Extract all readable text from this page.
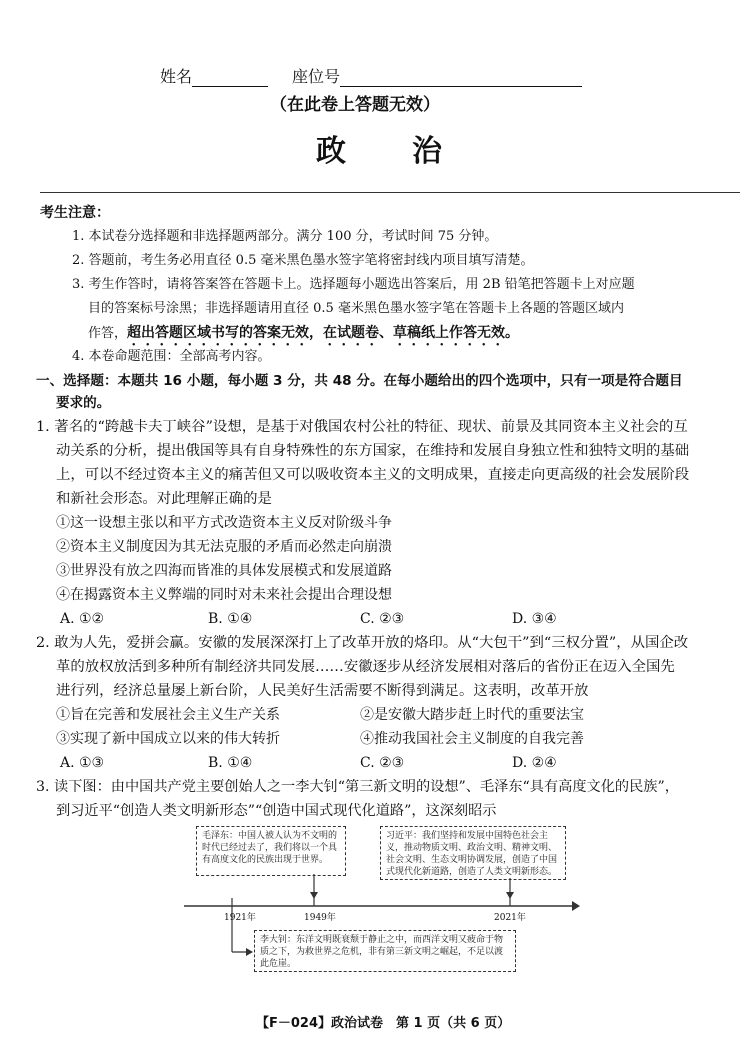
姓名	座位号
（在此卷上答题无效）
政　　治
考生注意：
1. 本试卷分选择题和非选择题两部分。满分 100 分，考试时间 75 分钟。
2. 答题前，考生务必用直径 0.5 毫米黑色墨水签字笔将密封线内项目填写清楚。
3. 考生作答时，请将答案答在答题卡上。选择题每小题选出答案后，用 2B 铅笔把答题卡上对应题
目的答案标号涂黑；非选择题请用直径 0.5 毫米黑色墨水签字笔在答题卡上各题的答题区域内
作答，超出答题区域书写的答案无效，在试题卷、草稿纸上作答无效。
4. 本卷命题范围：全部高考内容。
一、选择题：本题共 16 小题，每小题 3 分，共 48 分。在每小题给出的四个选项中，只有一项是符合题目
要求的。
1. 著名的“跨越卡夫丁峡谷”设想，是基于对俄国农村公社的特征、现状、前景及其同资本主义社会的互
动关系的分析，提出俄国等具有自身特殊性的东方国家，在维持和发展自身独立性和独特文明的基础
上，可以不经过资本主义的痛苦但又可以吸收资本主义的文明成果，直接走向更高级的社会发展阶段
和新社会形态。对此理解正确的是
①这一设想主张以和平方式改造资本主义反对阶级斗争
②资本主义制度因为其无法克服的矛盾而必然走向崩溃
③世界没有放之四海而皆准的具体发展模式和发展道路
④在揭露资本主义弊端的同时对未来社会提出合理设想
A. ①②	B. ①④	C. ②③	D. ③④
2. 敢为人先，爱拼会赢。安徽的发展深深打上了改革开放的烙印。从“大包干”到“三权分置”，从国企改
革的放权放活到多种所有制经济共同发展……安徽逐步从经济发展相对落后的省份正在迈入全国先
进行列，经济总量屡上新台阶，人民美好生活需要不断得到满足。这表明，改革开放
①旨在完善和发展社会主义生产关系	②是安徽大踏步赶上时代的重要法宝
③实现了新中国成立以来的伟大转折	④推动我国社会主义制度的自我完善
A. ①③	B. ①④	C. ②③	D. ②④
3. 读下图：由中国共产党主要创始人之一李大钊“第三新文明的设想”、毛泽东“具有高度文化的民族”，
到习近平“创造人类文明新形态”“创造中国式现代化道路”，这深刻昭示
毛泽东：中国人被人认为不文明的时代已经过去了，我们将以一个具有高度文化的民族出现于世界。
习近平：我们坚持和发展中国特色社会主义，推动物质文明、政治文明、精神文明、社会文明、生态文明协调发展，创造了中国式现代化新道路，创造了人类文明新形态。
李大钊：东洋文明既衰颓于静止之中，而西洋文明又疲命于物质之下，为救世界之危机，非有第三新文明之崛起，不足以渡此危崖。
1921年	1949年	2021年
【F－024】政治试卷　第 1 页（共 6 页）
